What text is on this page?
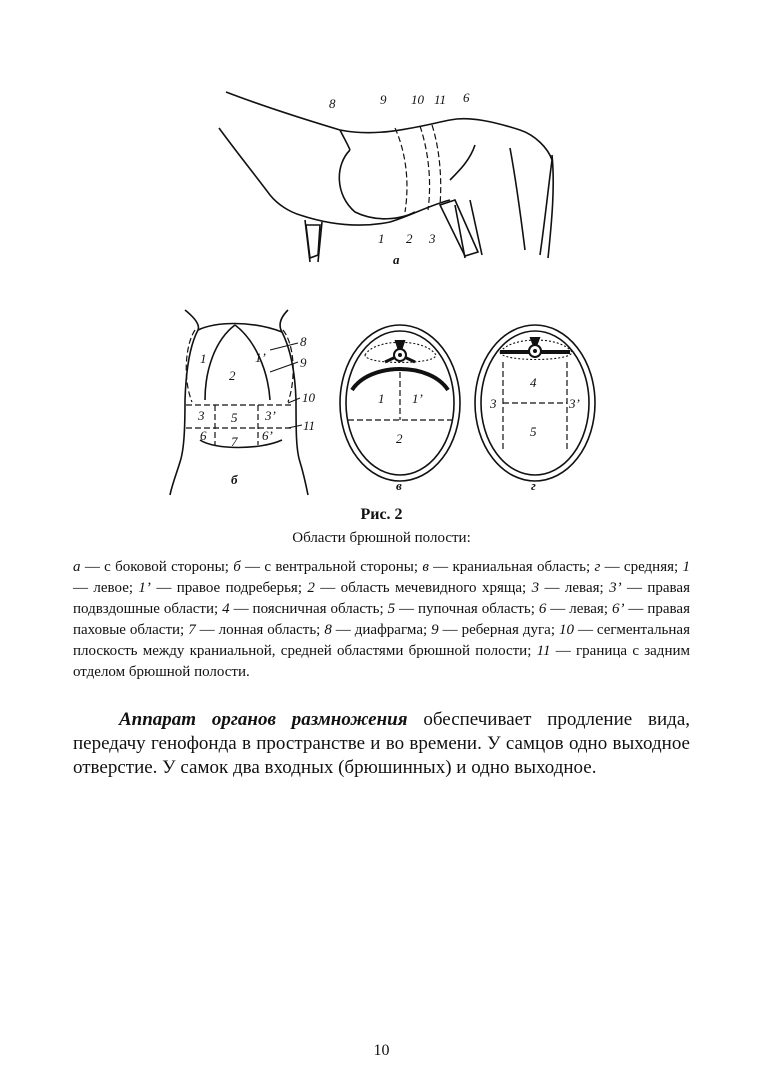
8	9 10 11 6
1 2 3
а
1	1’
2
8
9
10
11
3 5 3’
6 7 6’
б
1 1’
2
в
4
3	3’
5
г
Рис. 2
Области брюшной полости:
а — с боковой стороны; б — с вентральной стороны; в — краниальная область; г — средняя; 1 — левое; 1’ — правое подреберья; 2 — область мечевидного хряща; 3 — левая; 3’ — правая подвздошные области; 4 — поясничная область; 5 — пупочная область; 6 — левая; 6’ — правая паховые области; 7 — лонная область; 8 — диафрагма; 9 — реберная дуга; 10 — сегментальная плоскость между краниальной, средней областями брюшной полости; 11 — граница с задним отделом брюшной полости.
Аппарат органов размножения обеспечивает продление вида, передачу генофонда в пространстве и во времени. У самцов одно выходное отверстие. У самок два входных (брюшинных) и одно выходное.
10
